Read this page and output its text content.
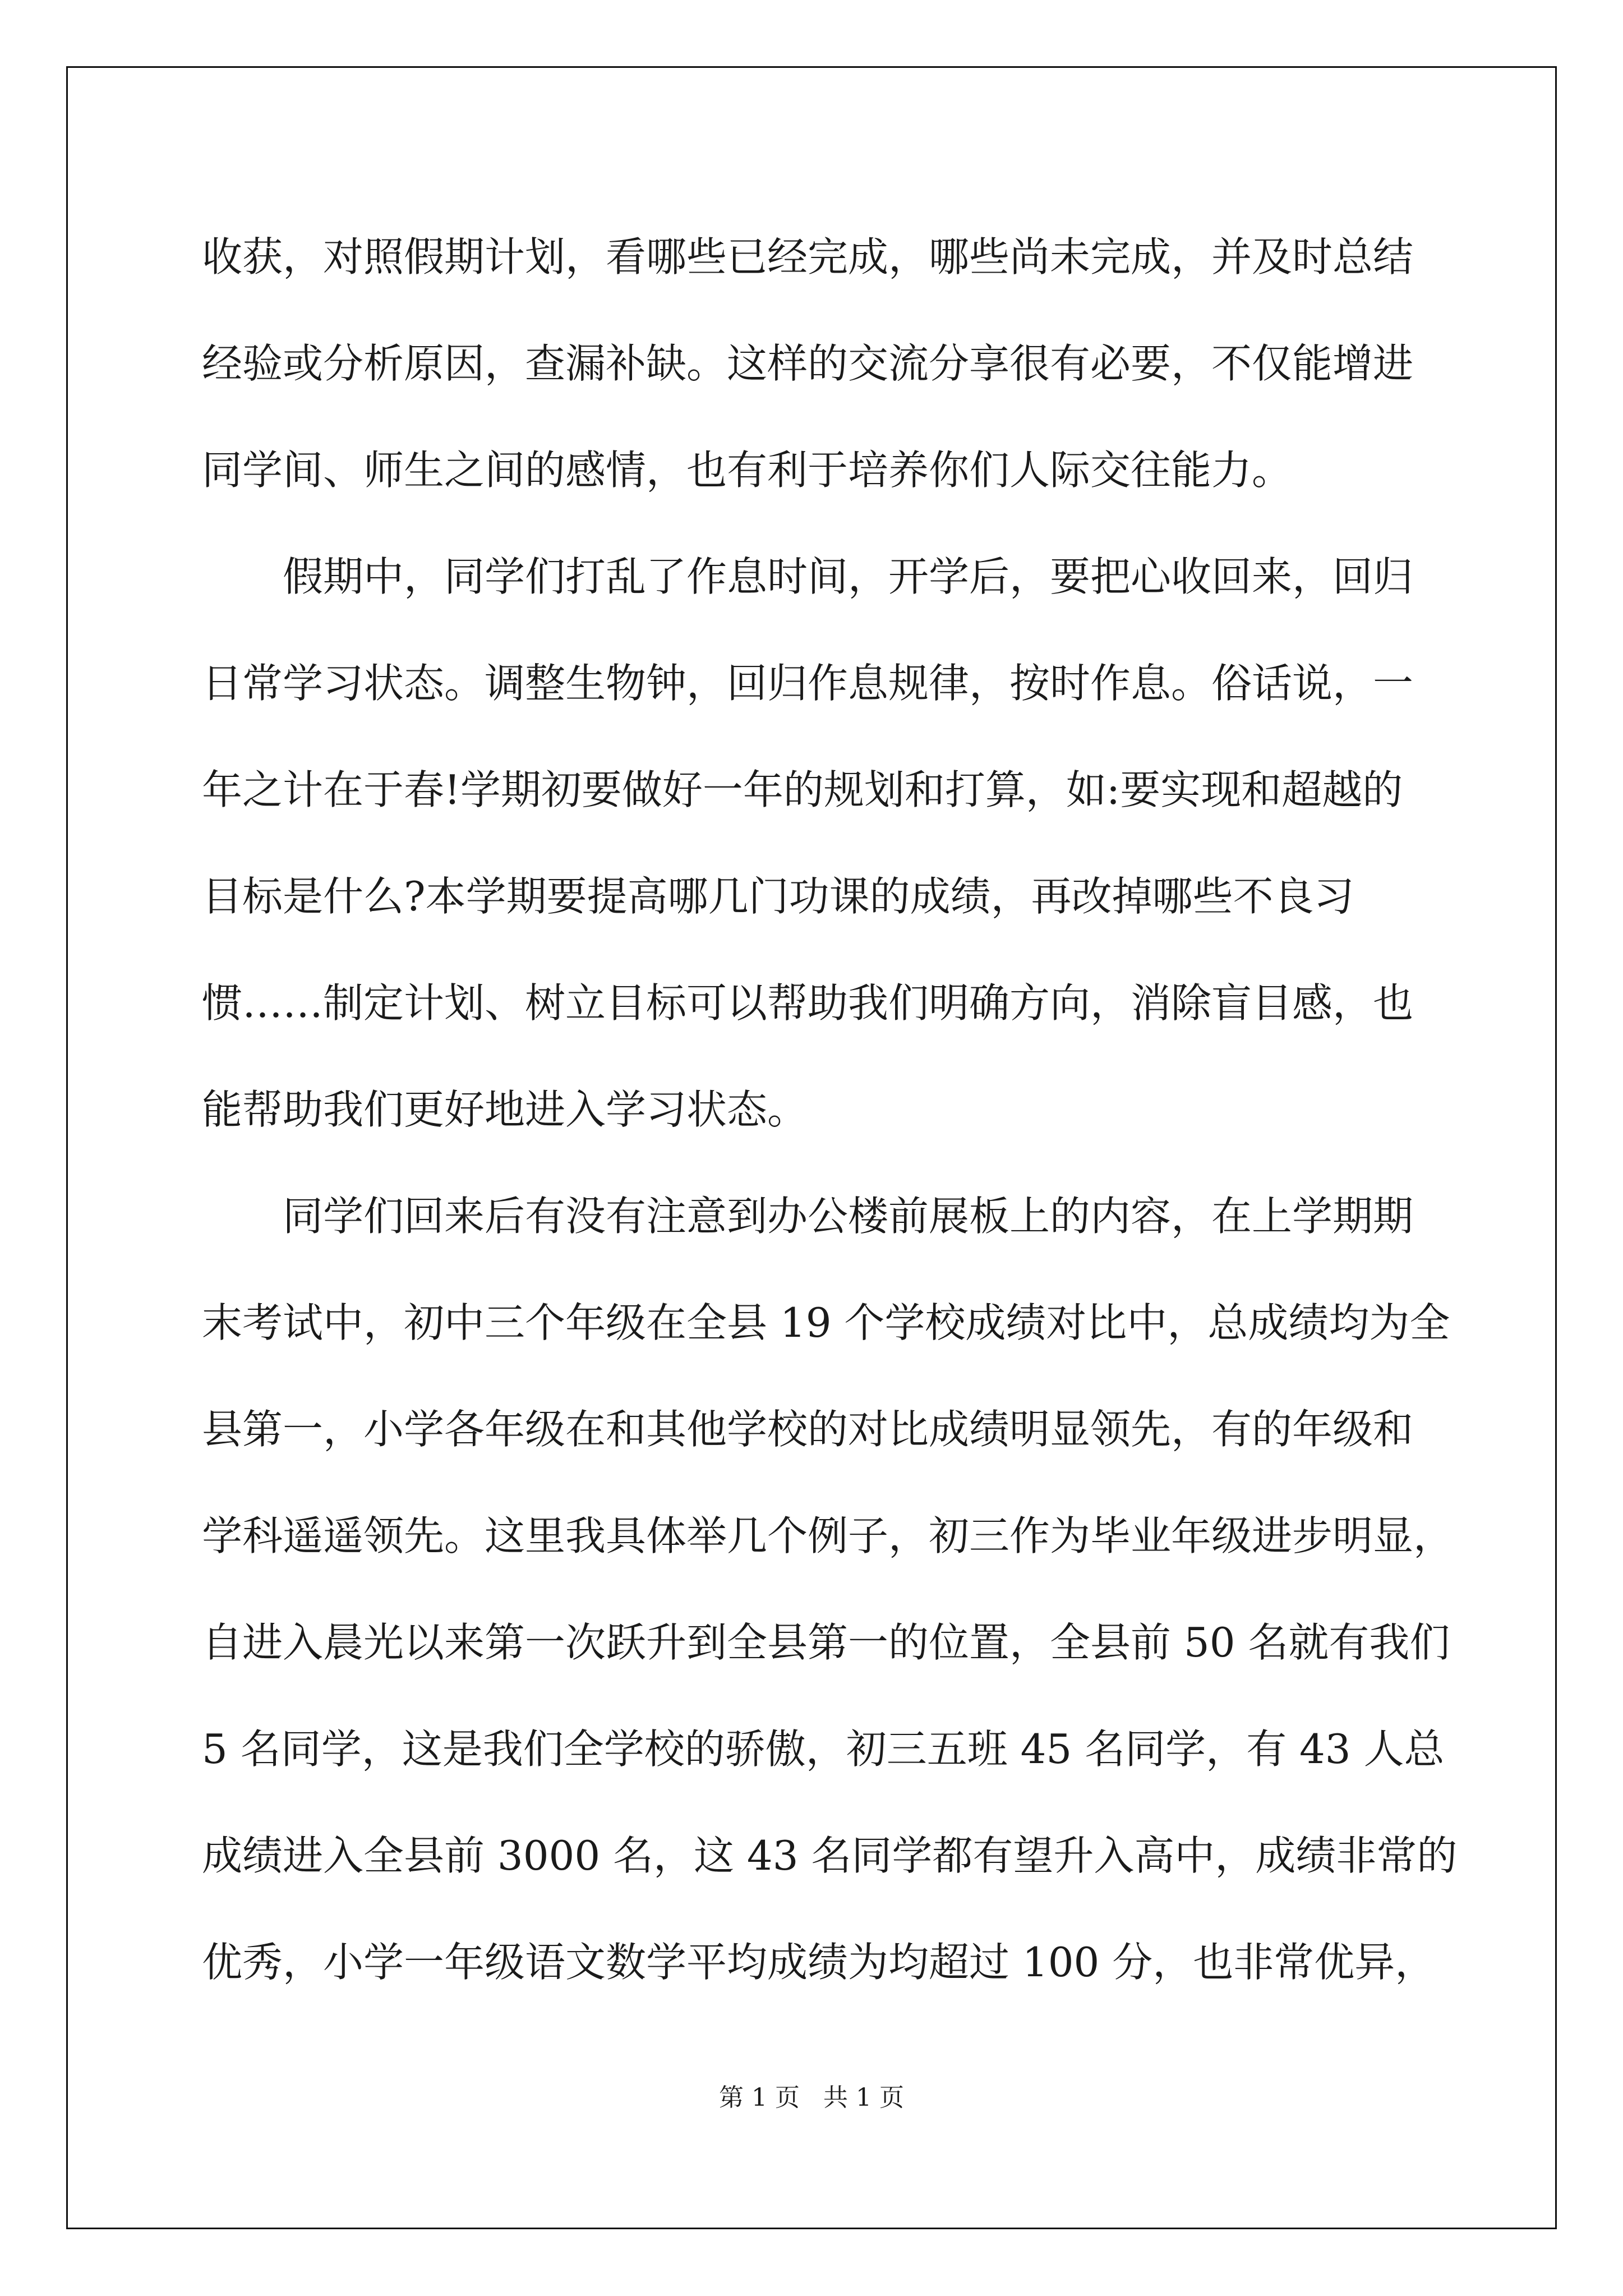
收获，对照假期计划，看哪些已经完成，哪些尚未完成，并及时总结
经验或分析原因，查漏补缺。这样的交流分享很有必要，不仅能增进
同学间、师生之间的感情，也有利于培养你们人际交往能力。
假期中，同学们打乱了作息时间，开学后，要把心收回来，回归
日常学习状态。调整生物钟，回归作息规律，按时作息。俗话说，一
年之计在于春!学期初要做好一年的规划和打算，如:要实现和超越的
目标是什么?本学期要提高哪几门功课的成绩，再改掉哪些不良习
惯……制定计划、树立目标可以帮助我们明确方向，消除盲目感，也
能帮助我们更好地进入学习状态。
同学们回来后有没有注意到办公楼前展板上的内容，在上学期期
末考试中，初中三个年级在全县 19 个学校成绩对比中，总成绩均为全
县第一，小学各年级在和其他学校的对比成绩明显领先，有的年级和
学科遥遥领先。这里我具体举几个例子，初三作为毕业年级进步明显，
自进入晨光以来第一次跃升到全县第一的位置，全县前 50 名就有我们
5 名同学，这是我们全学校的骄傲，初三五班 45 名同学，有 43 人总
成绩进入全县前 3000 名，这 43 名同学都有望升入高中，成绩非常的
优秀，小学一年级语文数学平均成绩为均超过 100 分，也非常优异，
第 1 页   共 1 页
